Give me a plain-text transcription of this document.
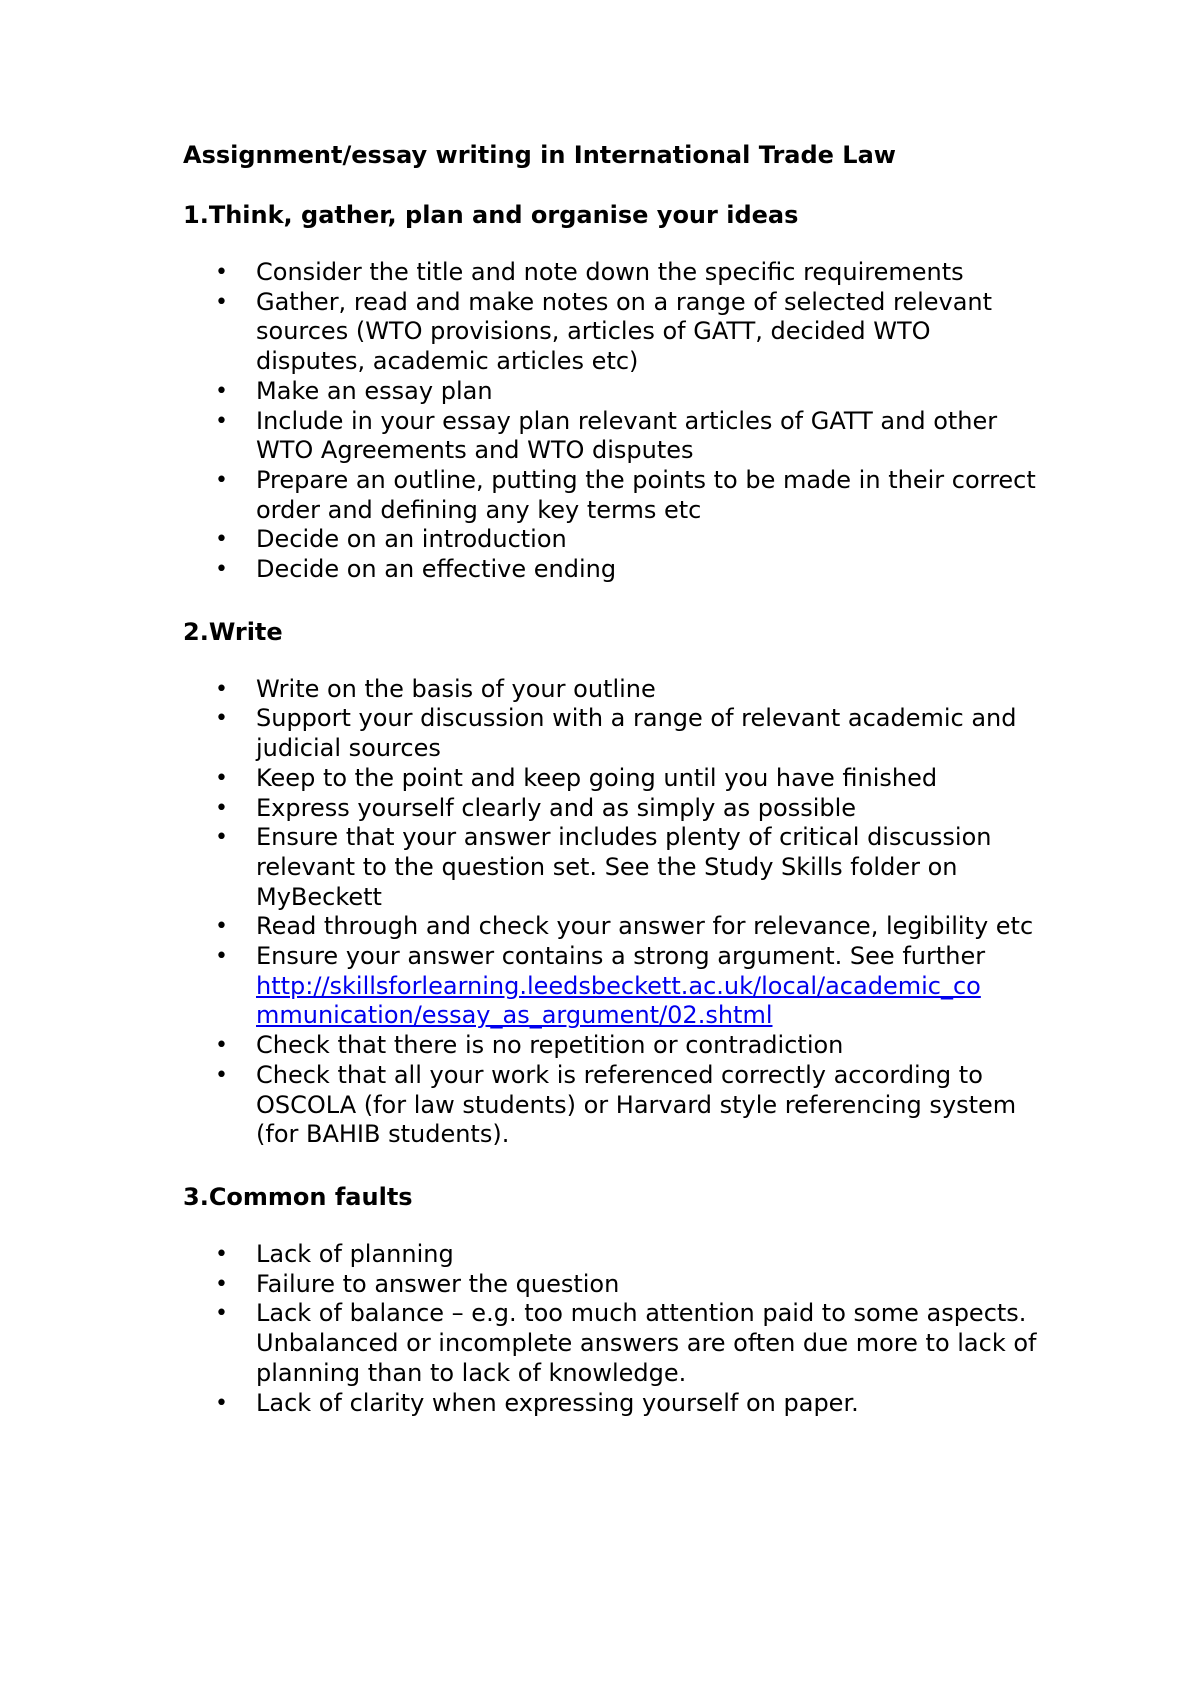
Assignment/essay writing in International Trade Law
1.Think, gather, plan and organise your ideas
• Consider the title and note down the specific requirements
• Gather, read and make notes on a range of selected relevant sources (WTO provisions, articles of GATT, decided WTO disputes, academic articles etc)
• Make an essay plan
• Include in your essay plan relevant articles of GATT and other WTO Agreements and WTO disputes
• Prepare an outline, putting the points to be made in their correct order and defining any key terms etc
• Decide on an introduction
• Decide on an effective ending
2.Write
• Write on the basis of your outline
• Support your discussion with a range of relevant academic and judicial sources
• Keep to the point and keep going until you have finished
• Express yourself clearly and as simply as possible
• Ensure that your answer includes plenty of critical discussion relevant to the question set. See the Study Skills folder on MyBeckett
• Read through and check your answer for relevance, legibility etc
• Ensure your answer contains a strong argument. See further
http://skillsforlearning.leedsbeckett.ac.uk/local/academic_co
mmunication/essay_as_argument/02.shtml
• Check that there is no repetition or contradiction
• Check that all your work is referenced correctly according to OSCOLA (for law students) or Harvard style referencing system (for BAHIB students).
3.Common faults
• Lack of planning
• Failure to answer the question
• Lack of balance – e.g. too much attention paid to some aspects. Unbalanced or incomplete answers are often due more to lack of planning than to lack of knowledge.
• Lack of clarity when expressing yourself on paper.
